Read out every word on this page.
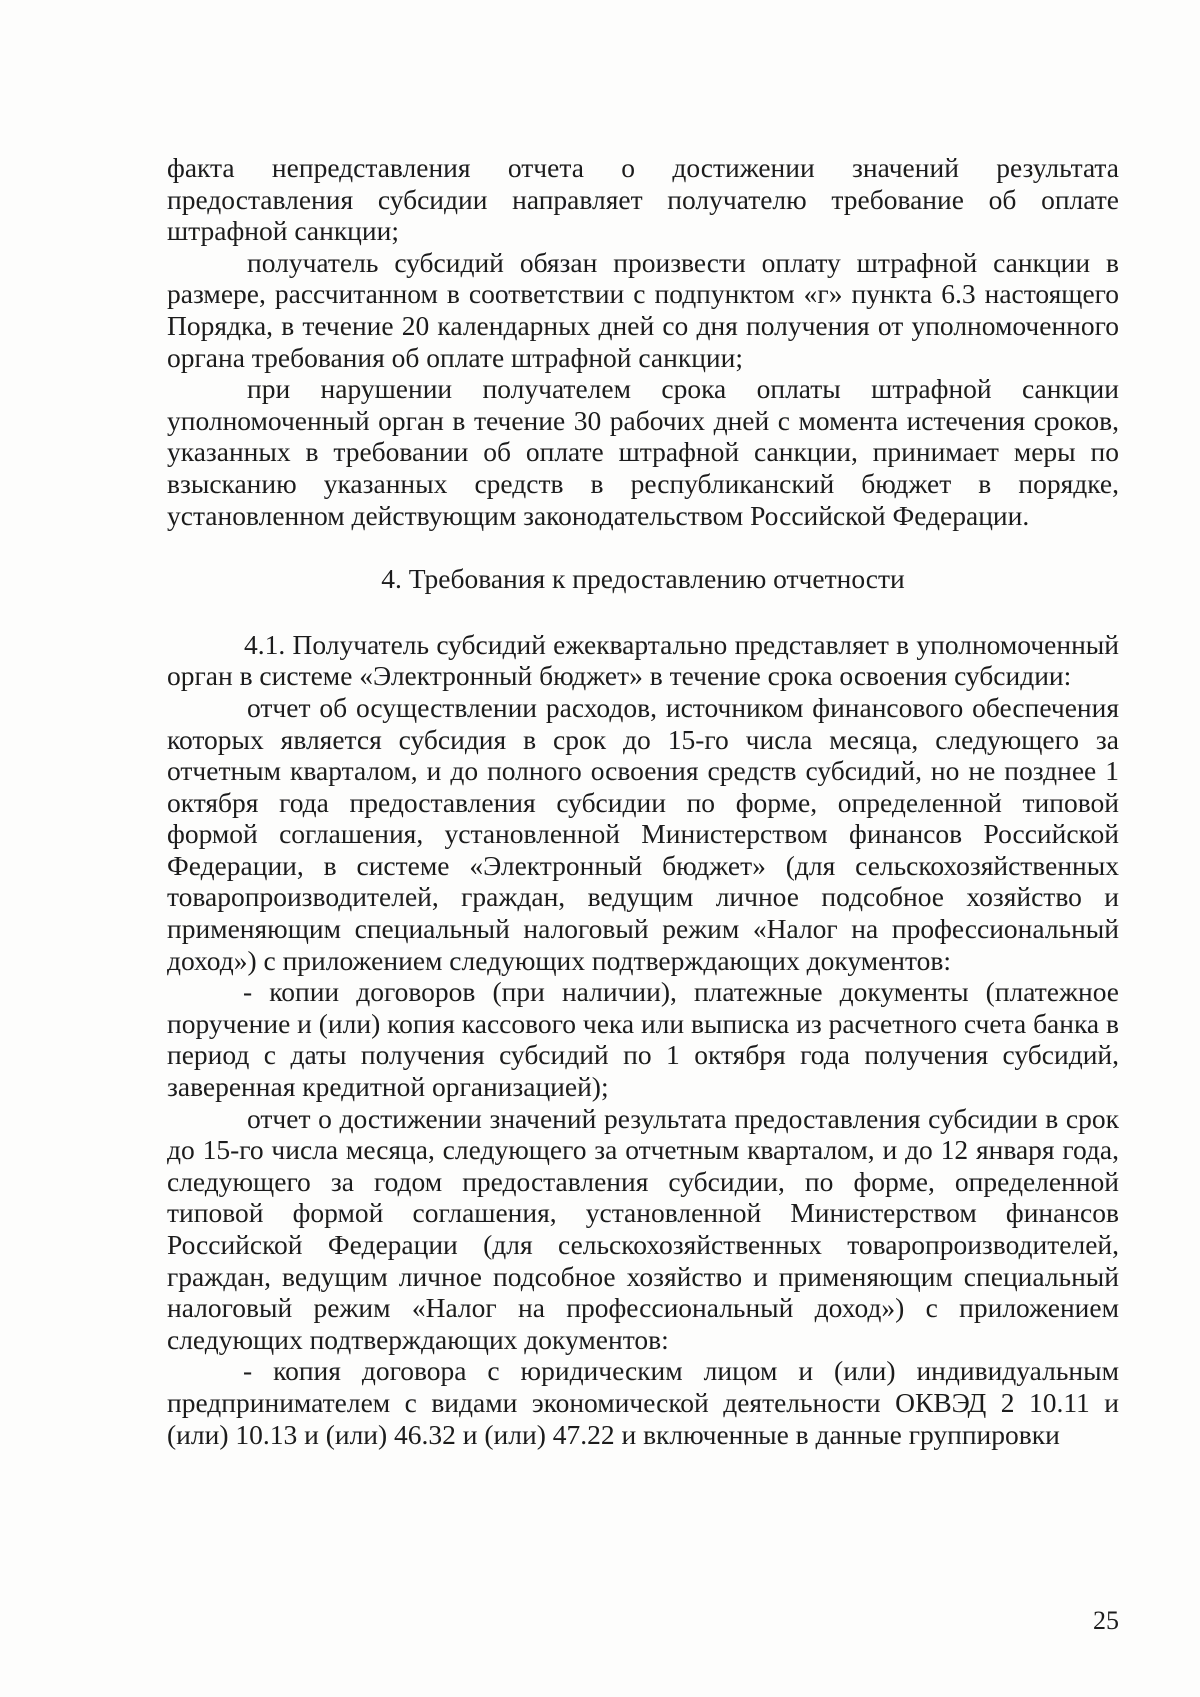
факта непредставления отчета о достижении значений результата предоставления субсидии направляет получателю требование об оплате штрафной санкции;

получатель субсидий обязан произвести оплату штрафной санкции в размере, рассчитанном в соответствии с подпунктом «г» пункта 6.3 настоящего Порядка, в течение 20 календарных дней со дня получения от уполномоченного органа требования об оплате штрафной санкции;

при нарушении получателем срока оплаты штрафной санкции уполномоченный орган в течение 30 рабочих дней с момента истечения сроков, указанных в требовании об оплате штрафной санкции, принимает меры по взысканию указанных средств в республиканский бюджет в порядке, установленном действующим законодательством Российской Федерации.

4. Требования к предоставлению отчетности

4.1. Получатель субсидий ежеквартально представляет в уполномоченный орган в системе «Электронный бюджет» в течение срока освоения субсидии:

отчет об осуществлении расходов, источником финансового обеспечения которых является субсидия в срок до 15-го числа месяца, следующего за отчетным кварталом, и до полного освоения средств субсидий, но не позднее 1 октября года предоставления субсидии по форме, определенной типовой формой соглашения, установленной Министерством финансов Российской Федерации, в системе «Электронный бюджет» (для сельскохозяйственных товаропроизводителей, граждан, ведущим личное подсобное хозяйство и применяющим специальный налоговый режим «Налог на профессиональный доход») с приложением следующих подтверждающих документов:

- копии договоров (при наличии), платежные документы (платежное поручение и (или) копия кассового чека или выписка из расчетного счета банка в период с даты получения субсидий по 1 октября года получения субсидий, заверенная кредитной организацией);

отчет о достижении значений результата предоставления субсидии в срок до 15-го числа месяца, следующего за отчетным кварталом, и до 12 января года, следующего за годом предоставления субсидии, по форме, определенной типовой формой соглашения, установленной Министерством финансов Российской Федерации (для сельскохозяйственных товаропроизводителей, граждан, ведущим личное подсобное хозяйство и применяющим специальный налоговый режим «Налог на профессиональный доход») с приложением следующих подтверждающих документов:

- копия договора с юридическим лицом и (или) индивидуальным предпринимателем с видами экономической деятельности ОКВЭД 2 10.11 и (или) 10.13 и (или) 46.32 и (или) 47.22 и включенные в данные группировки

25
